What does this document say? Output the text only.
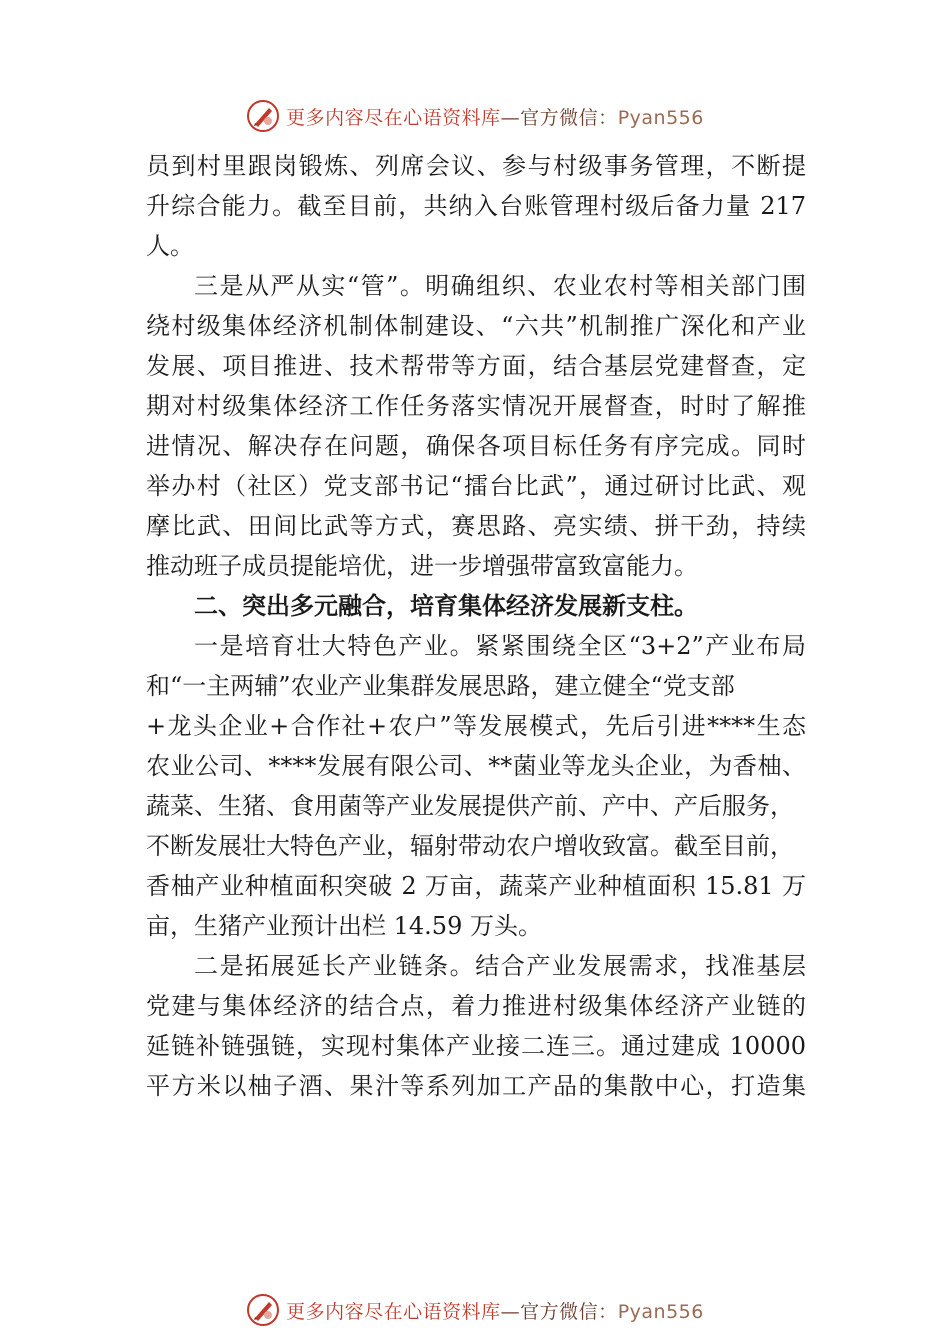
更多内容尽在心语资料库—官方微信：Pyan556
员到村里跟岗锻炼、列席会议、参与村级事务管理，不断提
升综合能力。截至目前，共纳入台账管理村级后备力量 217
人。
三是从严从实“管”。明确组织、农业农村等相关部门围
绕村级集体经济机制体制建设、“六共”机制推广深化和产业
发展、项目推进、技术帮带等方面，结合基层党建督查，定
期对村级集体经济工作任务落实情况开展督查，时时了解推
进情况、解决存在问题，确保各项目标任务有序完成。同时
举办村（社区）党支部书记“擂台比武”，通过研讨比武、观
摩比武、田间比武等方式，赛思路、亮实绩、拼干劲，持续
推动班子成员提能培优，进一步增强带富致富能力。
二、突出多元融合，培育集体经济发展新支柱。
一是培育壮大特色产业。紧紧围绕全区“3+2”产业布局
和“一主两辅”农业产业集群发展思路，建立健全“党支部
+龙头企业+合作社+农户”等发展模式，先后引进****生态
农业公司、****发展有限公司、**菌业等龙头企业，为香柚、
蔬菜、生猪、食用菌等产业发展提供产前、产中、产后服务，
不断发展壮大特色产业，辐射带动农户增收致富。截至目前，
香柚产业种植面积突破 2 万亩，蔬菜产业种植面积 15.81 万
亩，生猪产业预计出栏 14.59 万头。
二是拓展延长产业链条。结合产业发展需求，找准基层
党建与集体经济的结合点，着力推进村级集体经济产业链的
延链补链强链，实现村集体产业接二连三。通过建成 10000
平方米以柚子酒、果汁等系列加工产品的集散中心，打造集
更多内容尽在心语资料库—官方微信：Pyan556
